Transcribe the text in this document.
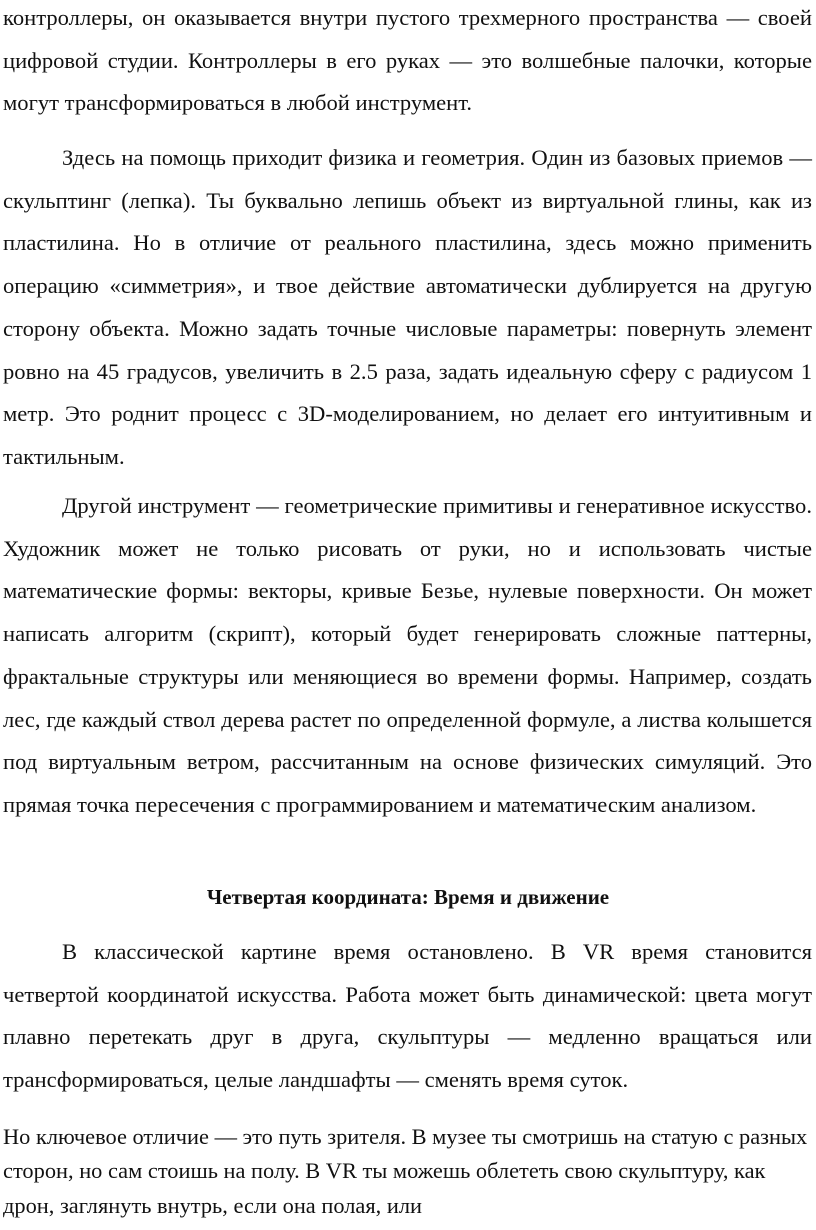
контроллеры, он оказывается внутри пустого трехмерного пространства — своей цифровой студии. Контроллеры в его руках — это волшебные палочки, которые могут трансформироваться в любой инструмент.

Здесь на помощь приходит физика и геометрия. Один из базовых приемов — скульптинг (лепка). Ты буквально лепишь объект из виртуальной глины, как из пластилина. Но в отличие от реального пластилина, здесь можно применить операцию «симметрия», и твое действие автоматически дублируется на другую сторону объекта. Можно задать точные числовые параметры: повернуть элемент ровно на 45 градусов, увеличить в 2.5 раза, задать идеальную сферу с радиусом 1 метр. Это роднит процесс с 3D-моделированием, но делает его интуитивным и тактильным.

Другой инструмент — геометрические примитивы и генеративное искусство. Художник может не только рисовать от руки, но и использовать чистые математические формы: векторы, кривые Безье, нулевые поверхности. Он может написать алгоритм (скрипт), который будет генерировать сложные паттерны, фрактальные структуры или меняющиеся во времени формы. Например, создать лес, где каждый ствол дерева растет по определенной формуле, а листва колышется под виртуальным ветром, рассчитанным на основе физических симуляций. Это прямая точка пересечения с программированием и математическим анализом.

Четвертая координата: Время и движение

В классической картине время остановлено. В VR время становится четвертой координатой искусства. Работа может быть динамической: цвета могут плавно перетекать друг в друга, скульптуры — медленно вращаться или трансформироваться, целые ландшафты — сменять время суток.

Но ключевое отличие — это путь зрителя. В музее ты смотришь на статую с разных сторон, но сам стоишь на полу. В VR ты можешь облететь свою скульптуру, как дрон, заглянуть внутрь, если она полая, или
